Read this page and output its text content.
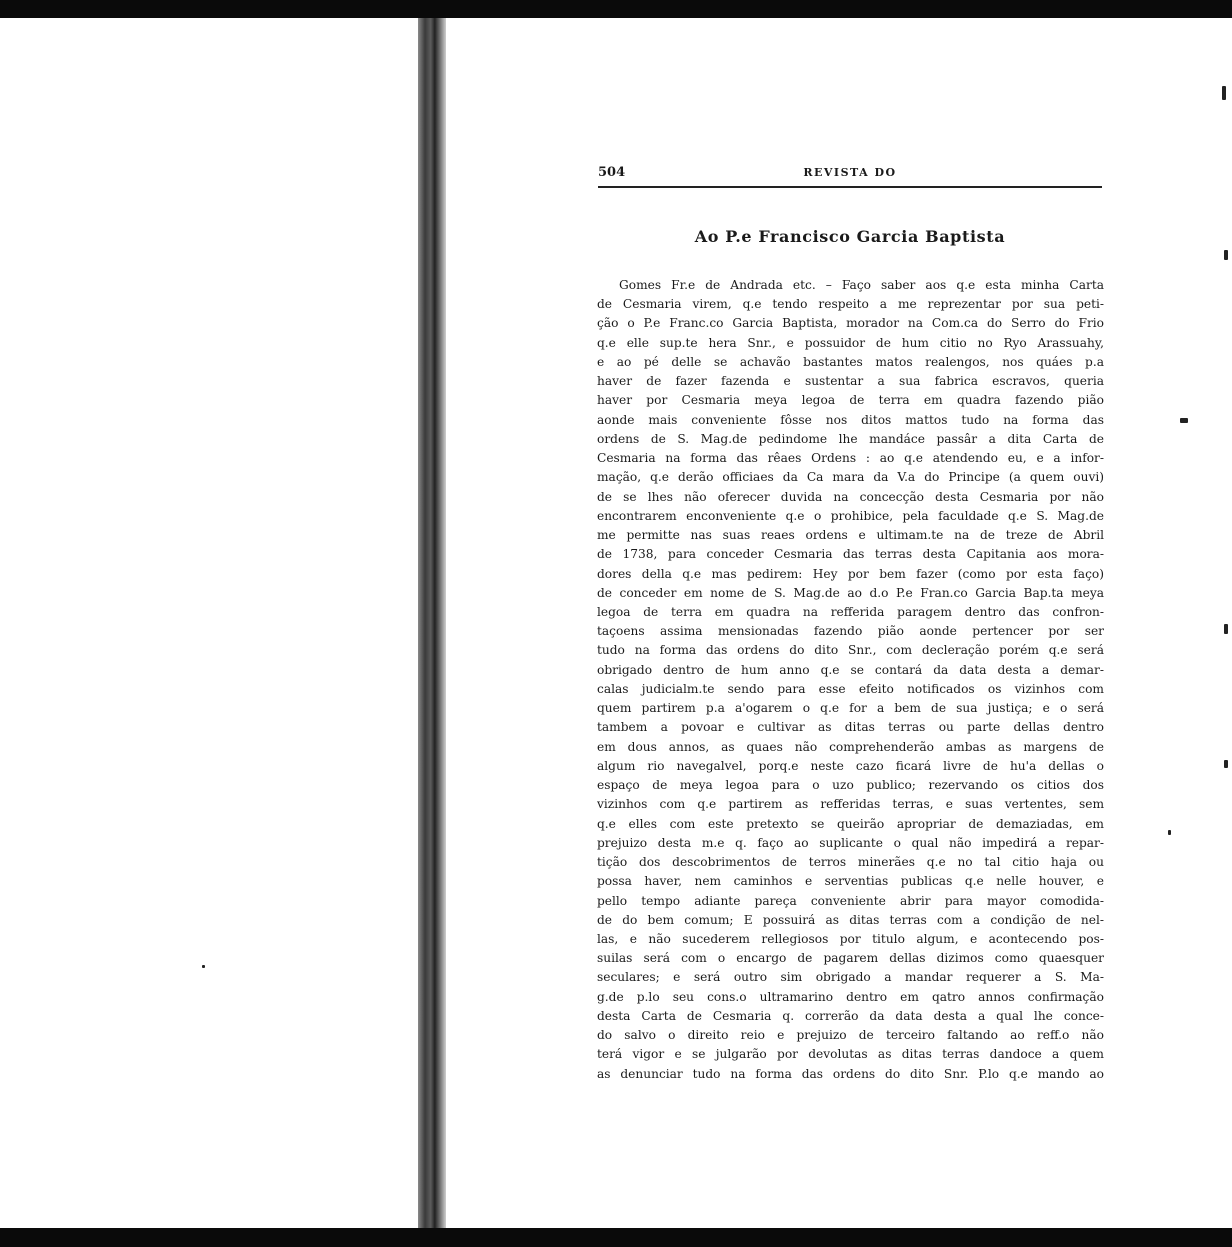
504	REVISTA DO
Ao P.e Francisco Garcia Baptista
Gomes Fr.e de Andrada etc. – Faço saber aos q.e esta minha Carta
de Cesmaria virem, q.e tendo respeito a me reprezentar por sua peti-
ção o P.e Franc.co Garcia Baptista, morador na Com.ca do Serro do Frio
q.e elle sup.te hera Snr., e possuidor de hum citio no Ryo Arassuahy,
e ao pé delle se achavão bastantes matos realengos, nos quáes p.a
haver de fazer fazenda e sustentar a sua fabrica escravos, queria
haver por Cesmaria meya legoa de terra em quadra fazendo pião
aonde mais conveniente fôsse nos ditos mattos tudo na forma das
ordens de S. Mag.de pedindome lhe mandáce passâr a dita Carta de
Cesmaria na forma das rêaes Ordens : ao q.e atendendo eu, e a infor-
mação, q.e derão officiaes da Ca mara da V.a do Principe (a quem ouvi)
de se lhes não oferecer duvida na concecção desta Cesmaria por não
encontrarem enconveniente q.e o prohibice, pela faculdade q.e S. Mag.de
me permitte nas suas reaes ordens e ultimam.te na de treze de Abril
de 1738, para conceder Cesmaria das terras desta Capitania aos mora-
dores della q.e mas pedirem: Hey por bem fazer (como por esta faço)
de conceder em nome de S. Mag.de ao d.o P.e Fran.co Garcia Bap.ta meya
legoa de terra em quadra na refferida paragem dentro das confron-
taçoens assima mensionadas fazendo pião aonde pertencer por ser
tudo na forma das ordens do dito Snr., com decleração porém q.e será
obrigado dentro de hum anno q.e se contará da data desta a demar-
calas judicialm.te sendo para esse efeito notificados os vizinhos com
quem partirem p.a a'ogarem o q.e for a bem de sua justiça; e o será
tambem a povoar e cultivar as ditas terras ou parte dellas dentro
em dous annos, as quaes não comprehenderão ambas as margens de
algum rio navegalvel, porq.e neste cazo ficará livre de hu'a dellas o
espaço de meya legoa para o uzo publico; rezervando os citios dos
vizinhos com q.e partirem as refferidas terras, e suas vertentes, sem
q.e elles com este pretexto se queirão apropriar de demaziadas, em
prejuizo desta m.e q. faço ao suplicante o qual não impedirá a repar-
tição dos descobrimentos de terros minerães q.e no tal citio haja ou
possa haver, nem caminhos e serventias publicas q.e nelle houver, e
pello tempo adiante pareça conveniente abrir para mayor comodida-
de do bem comum; E possuirá as ditas terras com a condição de nel-
las, e não sucederem rellegiosos por titulo algum, e acontecendo pos-
suilas será com o encargo de pagarem dellas dizimos como quaesquer
seculares; e será outro sim obrigado a mandar requerer a S. Ma-
g.de p.lo seu cons.o ultramarino dentro em qatro annos confirmação
desta Carta de Cesmaria q. correrão da data desta a qual lhe conce-
do salvo o direito reio e prejuizo de terceiro faltando ao reff.o não
terá vigor e se julgarão por devolutas as ditas terras dandoce a quem
as denunciar tudo na forma das ordens do dito Snr. P.lo q.e mando ao
